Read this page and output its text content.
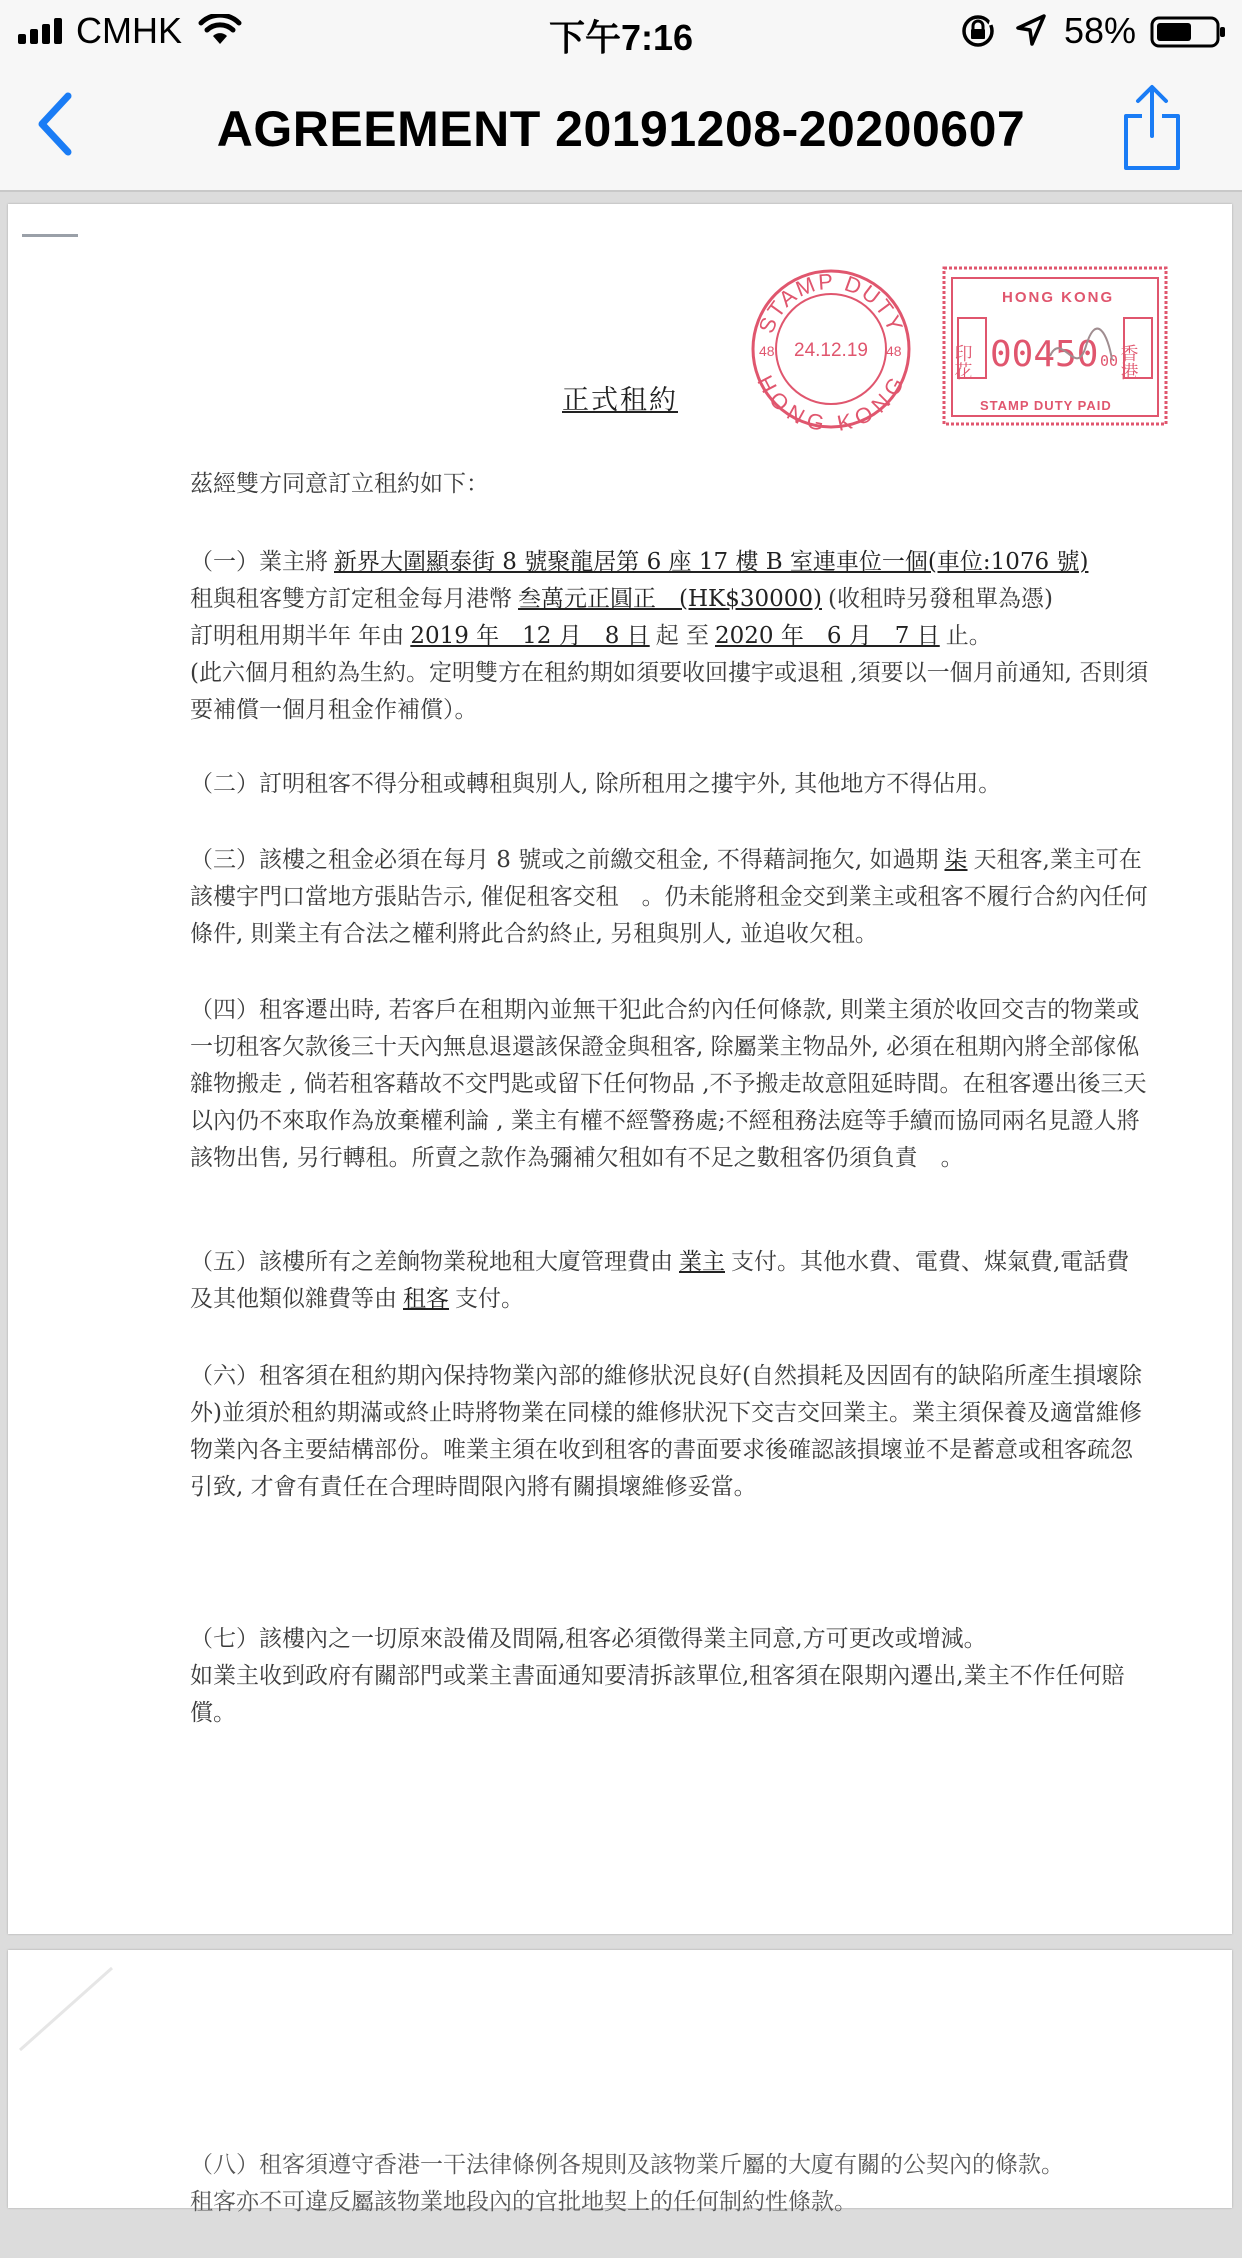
CMHK	下午7:16	58%
AGREEMENT 20191208-20200607
STAMP DUTY
HONG KONG
24.12.19
48	48
HONG KONG
印花	香港
00450 00
STAMP DUTY PAID
正式租約

茲經雙方同意訂立租約如下：

（一）業主將 新界大圍顯泰街 8 號聚龍居第 6 座 17 樓 B 室連車位一個(車位:1076 號)
租與租客雙方訂定租金每月港幣 叁萬元正圓正　(HK$30000) (收租時另發租單為憑)
訂明租用期半年 年由 2019 年　12 月　8 日 起 至 2020 年　6 月　7 日 止。

(此六個月租約為生約。定明雙方在租約期如須要收回摟宇或退租 ,須要以一個月前通知, 否則須要補償一個月租金作補償）。

（二）訂明租客不得分租或轉租與別人, 除所租用之摟宇外, 其他地方不得佔用。

（三）該樓之租金必須在每月 8 號或之前繳交租金, 不得藉詞拖欠, 如過期 柒 天租客,業主可在該樓宇門口當地方張貼告示, 催促租客交租　。仍未能將租金交到業主或租客不履行合約內任何條件, 則業主有合法之權利將此合約終止, 另租與別人, 並追收欠租。

（四）租客遷出時, 若客戶在租期內並無干犯此合約內任何條款, 則業主須於收回交吉的物業或一切租客欠款後三十天內無息退還該保證金與租客, 除屬業主物品外, 必須在租期內將全部傢俬雜物搬走 , 倘若租客藉故不交門匙或留下任何物品 ,不予搬走故意阻延時間。在租客遷出後三天以內仍不來取作為放棄權利論 , 業主有權不經警務處;不經租務法庭等手續而協同兩名見證人將該物出售, 另行轉租。所賣之款作為彌補欠租如有不足之數租客仍須負責　。

（五）該樓所有之差餉物業稅地租大廈管理費由 業主 支付。其他水費、電費、煤氣費,電話費及其他類似雜費等由 租客 支付。

（六）租客須在租約期內保持物業內部的維修狀況良好(自然損耗及因固有的缺陷所產生損壞除外)並須於租約期滿或終止時將物業在同樣的維修狀況下交吉交回業主。業主須保養及適當維修物業內各主要結構部份。唯業主須在收到租客的書面要求後確認該損壞並不是蓄意或租客疏忽引致, 才會有責任在合理時間限內將有關損壞維修妥當。

（七）該樓內之一切原來設備及間隔,租客必須徵得業主同意,方可更改或增減。
如業主收到政府有關部門或業主書面通知要清拆該單位,租客須在限期內遷出,業主不作任何賠償。

（八）租客須遵守香港一干法律條例各規則及該物業斤屬的大廈有關的公契內的條款。
租客亦不可違反屬該物業地段內的官批地契上的任何制約性條款。
